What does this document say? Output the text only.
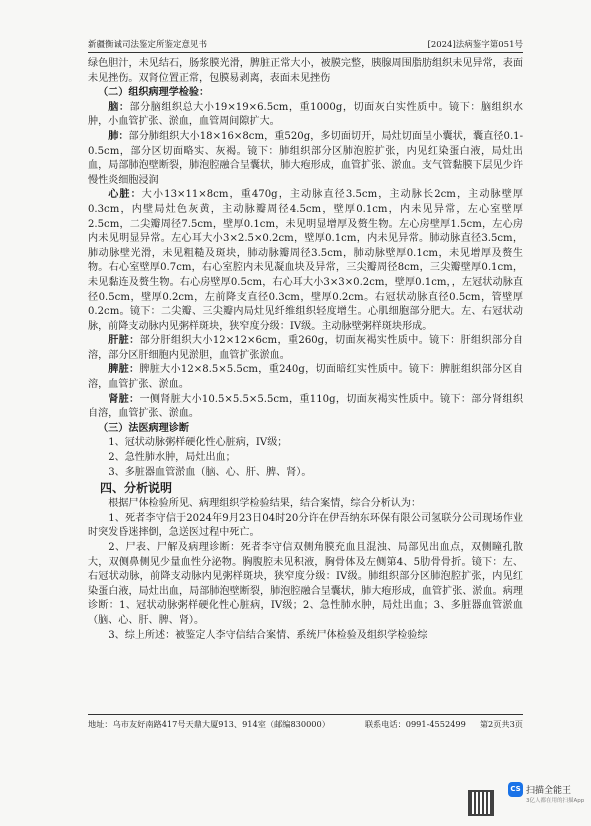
新疆衡诚司法鉴定所鉴定意见书	[2024]法病鉴字第051号

绿色胆汁，未见结石，肠浆膜光滑，脾脏正常大小，被膜完整，胰腺周围脂肪组织未见异常，表面未见挫伤。双肾位置正常，包膜易剥离，表面未见挫伤

（二）组织病理学检验：

脑：部分脑组织总大小19×19×6.5cm，重1000g，切面灰白实性质中。镜下：脑组织水肿，小血管扩张、淤血，血管周间隙扩大。

肺：部分肺组织大小18×16×8cm，重520g，多切面切开，局灶切面呈小囊状，囊直径0.1-0.5cm，部分区切面略实、灰褐。镜下：肺组织部分区肺泡腔扩张，内见红染蛋白液，局灶出血，局部肺泡壁断裂，肺泡腔融合呈囊状，肺大疱形成，血管扩张、淤血。支气管黏膜下层见少许慢性炎细胞浸润

心脏：大小13×11×8cm，重470g，主动脉直径3.5cm，主动脉长2cm，主动脉壁厚0.3cm，内壁局灶色灰黄，主动脉瓣周径4.5cm，壁厚0.1cm，内未见异常，左心室壁厚2.5cm，二尖瓣周径7.5cm，壁厚0.1cm，未见明显增厚及赘生物。左心房壁厚1.5cm，左心房内未见明显异常。左心耳大小3×2.5×0.2cm，壁厚0.1cm，内未见异常。肺动脉直径3.5cm，肺动脉壁光滑，未见粗糙及斑块，肺动脉瓣周径3.5cm，肺动脉壁厚0.1cm，未见增厚及赘生物。右心室壁厚0.7cm，右心室腔内未见凝血块及异常，三尖瓣周径8cm，三尖瓣壁厚0.1cm，未见黏连及赘生物。右心房壁厚0.5cm，右心耳大小3×3×0.2cm，壁厚0.1cm，，左冠状动脉直径0.5cm，壁厚0.2cm，左前降支直径0.3cm，壁厚0.2cm。右冠状动脉直径0.5cm，管壁厚0.2cm。镜下：二尖瓣、三尖瓣内局灶见纤维组织轻度增生。心肌细胞部分肥大。左、右冠状动脉，前降支动脉内见粥样斑块，狭窄度分级：IV级。主动脉壁粥样斑块形成。

肝脏：部分肝组织大小12×12×6cm，重260g，切面灰褐实性质中。镜下：肝组织部分自溶，部分区肝细胞内见淤胆，血管扩张淤血。

脾脏：脾脏大小12×8.5×5.5cm，重240g，切面暗红实性质中。镜下：脾脏组织部分区自溶，血管扩张、淤血。

肾脏：一侧肾脏大小10.5×5.5×5.5cm，重110g，切面灰褐实性质中。镜下：部分肾组织自溶，血管扩张、淤血。

（三）法医病理诊断

1、冠状动脉粥样硬化性心脏病，IV级；

2、急性肺水肿，局灶出血；

3、多脏器血管淤血（脑、心、肝、脾、肾）。

四、分析说明

根据尸体检验所见、病理组织学检验结果，结合案情，综合分析认为：

1、死者李守信于2024年9月23日04时20分许在伊吾纳东环保有限公司氢联分公司现场作业时突发昏迷摔倒，急送医过程中死亡。

2、尸表、尸解及病理诊断：死者李守信双侧角膜充血且混浊、局部见出血点，双侧瞳孔散大，双侧鼻侧见少量血性分泌物。胸腹腔未见积液，胸骨体及左侧第4、5肋骨骨折。镜下：左、右冠状动脉，前降支动脉内见粥样斑块，狭窄度分级：IV级。肺组织部分区肺泡腔扩张，内见红染蛋白液，局灶出血，局部肺泡壁断裂，肺泡腔融合呈囊状，肺大疱形成，血管扩张、淤血。病理诊断：1、冠状动脉粥样硬化性心脏病，IV级；2、急性肺水肿，局灶出血；3、多脏器血管淤血（脑、心、肝、脾、肾）。

3、综上所述：被鉴定人李守信结合案情、系统尸体检验及组织学检验综

地址：乌市友好南路417号天鼎大厦913、914室（邮编830000）	联系电话：0991-4552499 第2页共3页
CS 扫描全能王
3亿人都在用的扫描App
